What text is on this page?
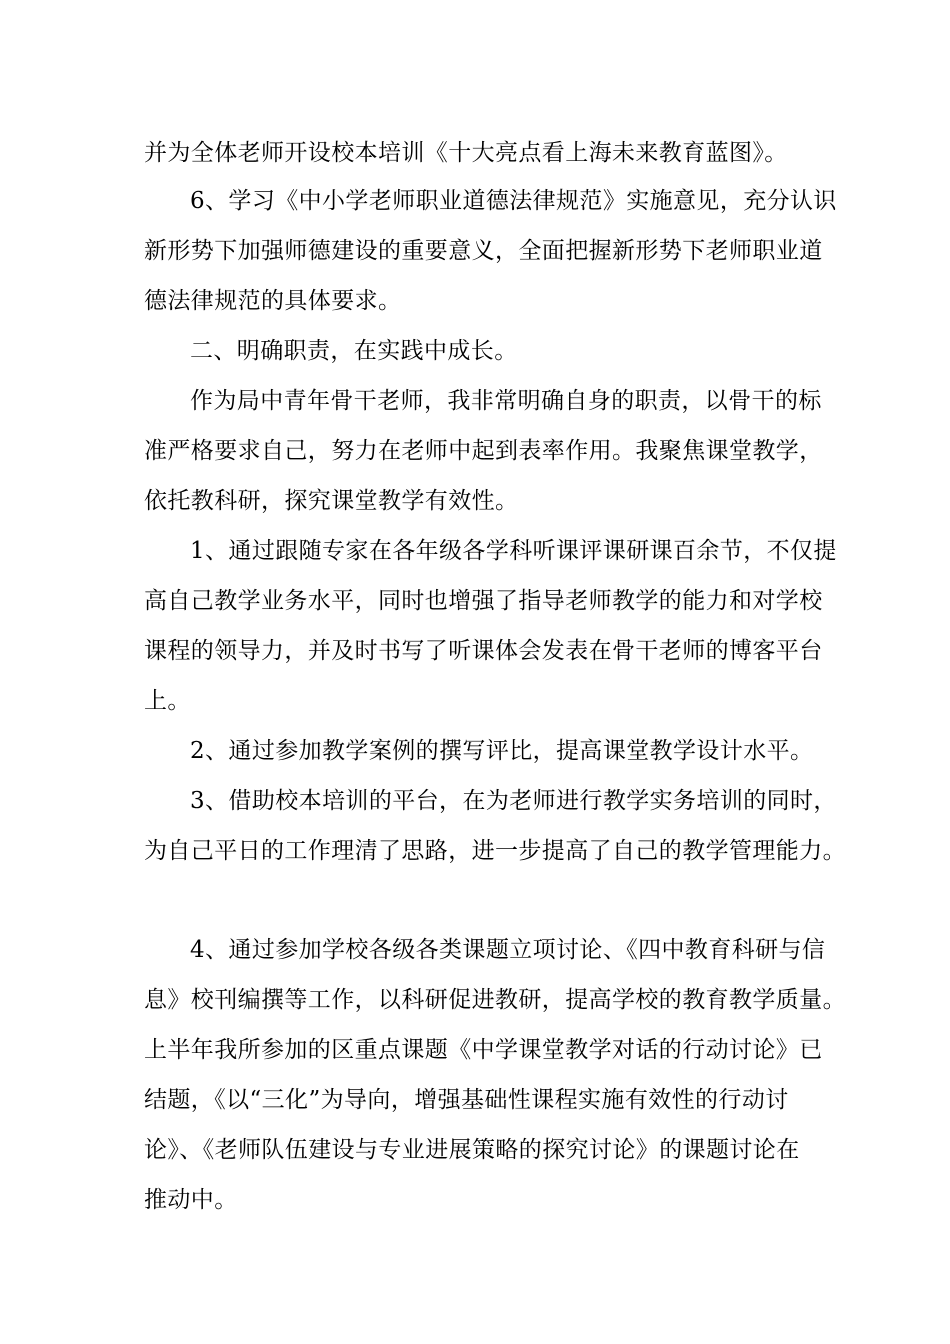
并为全体老师开设校本培训《十大亮点看上海未来教育蓝图》。
6、学习《中小学老师职业道德法律规范》实施意见，充分认识
新形势下加强师德建设的重要意义，全面把握新形势下老师职业道
德法律规范的具体要求。
二、明确职责，在实践中成长。
作为局中青年骨干老师，我非常明确自身的职责，以骨干的标
准严格要求自己，努力在老师中起到表率作用。我聚焦课堂教学，
依托教科研，探究课堂教学有效性。
1、通过跟随专家在各年级各学科听课评课研课百余节，不仅提
高自己教学业务水平，同时也增强了指导老师教学的能力和对学校
课程的领导力，并及时书写了听课体会发表在骨干老师的博客平台
上。
2、通过参加教学案例的撰写评比，提高课堂教学设计水平。
3、借助校本培训的平台，在为老师进行教学实务培训的同时，
为自己平日的工作理清了思路，进一步提高了自己的教学管理能力。
4、通过参加学校各级各类课题立项讨论、《四中教育科研与信
息》校刊编撰等工作，以科研促进教研，提高学校的教育教学质量。
上半年我所参加的区重点课题《中学课堂教学对话的行动讨论》已
结题，《以“三化”为导向，增强基础性课程实施有效性的行动讨
论》、《老师队伍建设与专业进展策略的探究讨论》的课题讨论在
推动中。
